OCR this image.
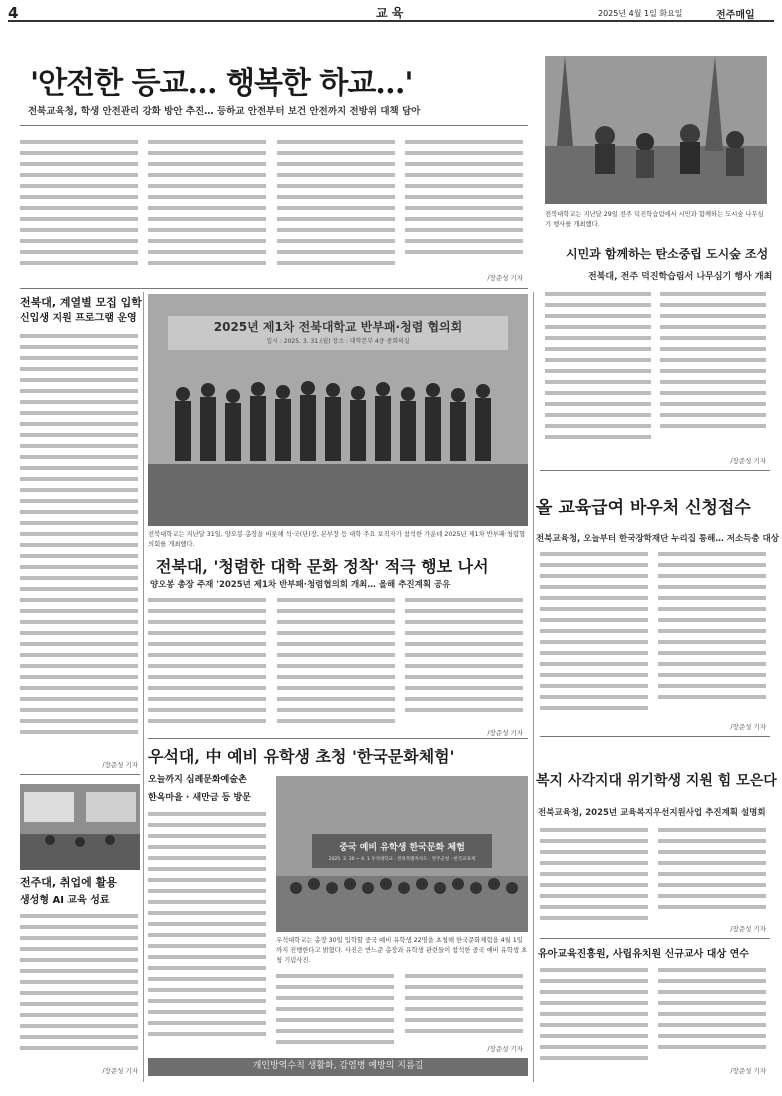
4	교 육	2025년 4월 1일 화요일	전주매일
'안전한 등교… 행복한 하교…'
전북교육청, 학생 안전관리 강화 방안 추진… 등하교 안전부터 보건 안전까지 전방위 대책 담아
/장준성 기자
전북대학교는 지난달 29일 전주 덕진학습림에서 시민과 함께하는 도시숲 나무심기 행사를 개최했다.
시민과 함께하는 탄소중립 도시숲 조성
전북대, 전주 덕진학습림서 나무심기 행사 개최
/장준성 기자
전북대, 계열별 모집 입학
신입생 지원 프로그램 운영
/장준성 기자
2025년 제1차 전북대학교 반부패·청렴 협의회
일시 : 2025. 3. 31.(월) 장소 : 대학본부 4층 중회의실
전북대학교는 지난달 31일, 양오봉 총장을 비롯해 석·국(단)장, 본부장 등 대학 주요 보직자가 참석한 가운데 2025년 제1차 반부패·청렴협의회를 개최했다.
전북대, '청렴한 대학 문화 정착' 적극 행보 나서
양오봉 총장 주재 '2025년 제1차 반부패·청렴협의회 개최… 올해 추진계획 공유
/장준성 기자
올 교육급여 바우처 신청접수
전북교육청, 오늘부터 한국장학재단 누리집 통해… 저소득층 대상
/장준성 기자
우석대, 中 예비 유학생 초청 '한국문화체험'
오늘까지 심례문화예술촌
한옥마을 · 새만금 등 방문
중국 예비 유학생 한국문화 체험
2025. 3. 30 ~ 4. 1 우석대학교 · 전북특별자치도 · 완주군청 · 한국교육재
우석대학교는 총장 30일 입학할 중국 예비 유학생 22명을 초청해 한국문화체험을 4월 1일까지 진행한다고 밝혔다. 사진은 반느준 총장과 유학생 관련들이 참석한 중국 예비 유학생 초청 기념사진.
/장준성 기자
개인방역수칙 생활화, 감염병 예방의 지름길
전주대, 취업에 활용
생성형 AI 교육 성료
/장준성 기자
복지 사각지대 위기학생 지원 힘 모은다
전북교육청, 2025년 교육복지우선지원사업 추진계획 설명회
/장준성 기자
유아교육진흥원, 사립유치원 신규교사 대상 연수
/장준성 기자
